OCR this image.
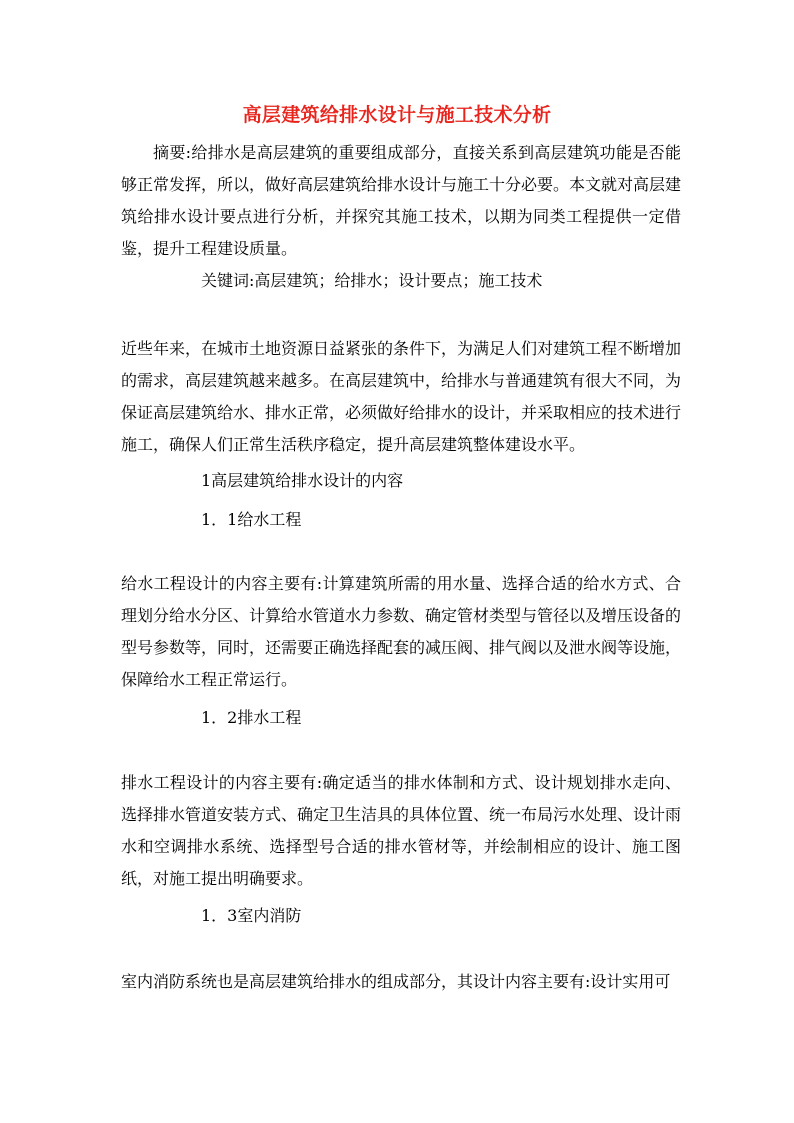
高层建筑给排水设计与施工技术分析

摘要:给排水是高层建筑的重要组成部分，直接关系到高层建筑功能是否能够正常发挥，所以，做好高层建筑给排水设计与施工十分必要。本文就对高层建筑给排水设计要点进行分析，并探究其施工技术，以期为同类工程提供一定借鉴，提升工程建设质量。

关键词:高层建筑；给排水；设计要点；施工技术

近些年来，在城市土地资源日益紧张的条件下，为满足人们对建筑工程不断增加的需求，高层建筑越来越多。在高层建筑中，给排水与普通建筑有很大不同，为保证高层建筑给水、排水正常，必须做好给排水的设计，并采取相应的技术进行施工，确保人们正常生活秩序稳定，提升高层建筑整体建设水平。

1高层建筑给排水设计的内容
1．1给水工程

给水工程设计的内容主要有:计算建筑所需的用水量、选择合适的给水方式、合理划分给水分区、计算给水管道水力参数、确定管材类型与管径以及增压设备的型号参数等，同时，还需要正确选择配套的减压阀、排气阀以及泄水阀等设施，保障给水工程正常运行。

1．2排水工程

排水工程设计的内容主要有:确定适当的排水体制和方式、设计规划排水走向、选择排水管道安装方式、确定卫生洁具的具体位置、统一布局污水处理、设计雨水和空调排水系统、选择型号合适的排水管材等，并绘制相应的设计、施工图纸，对施工提出明确要求。

1．3室内消防

室内消防系统也是高层建筑给排水的组成部分，其设计内容主要有:设计实用可
